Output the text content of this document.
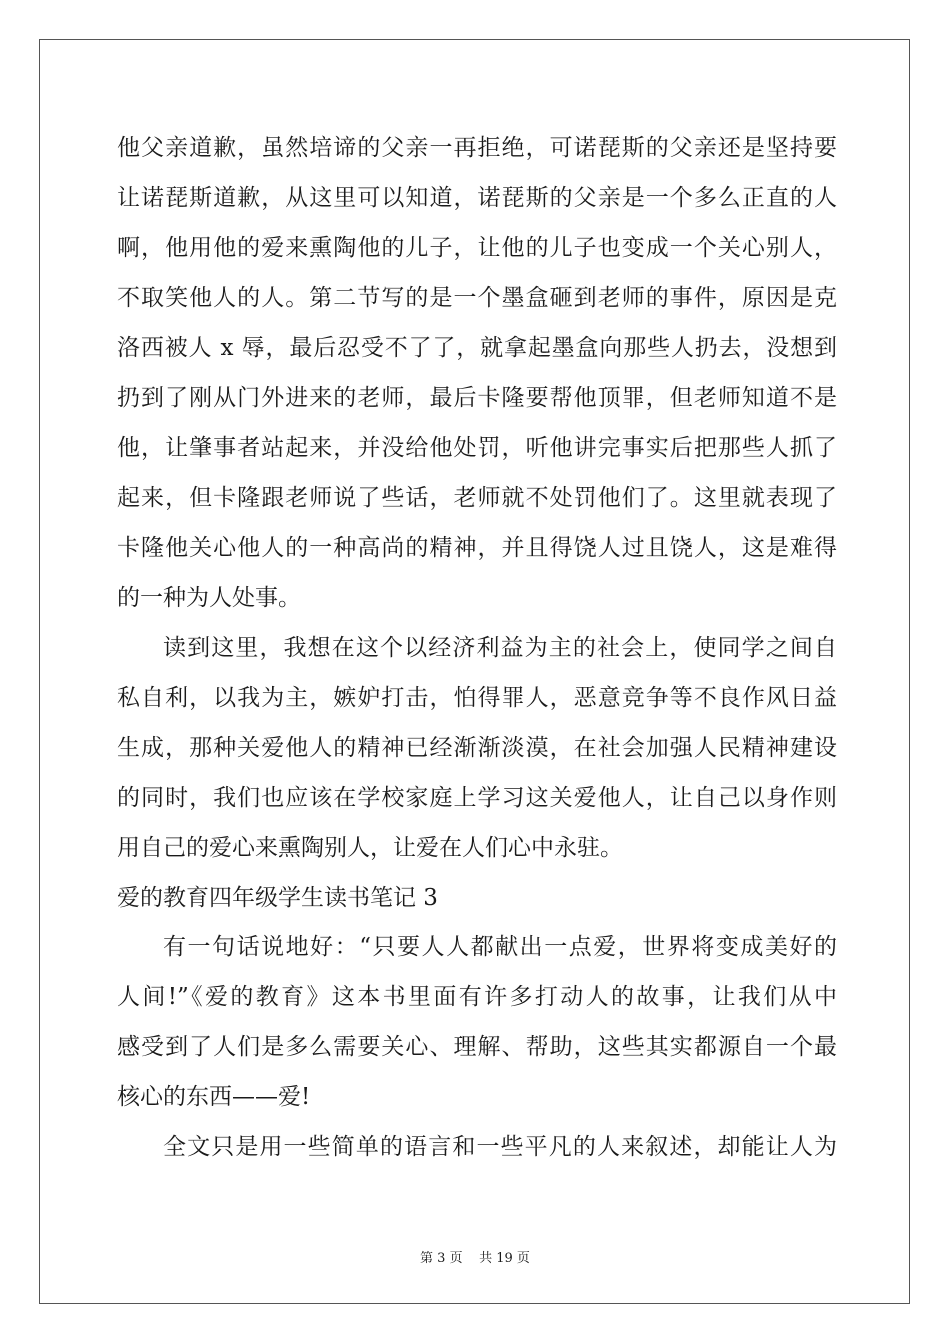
他父亲道歉，虽然培谛的父亲一再拒绝，可诺琵斯的父亲还是坚持要
让诺琵斯道歉，从这里可以知道，诺琵斯的父亲是一个多么正直的人
啊，他用他的爱来熏陶他的儿子，让他的儿子也变成一个关心别人，
不取笑他人的人。第二节写的是一个墨盒砸到老师的事件，原因是克
洛西被人 x 辱，最后忍受不了了，就拿起墨盒向那些人扔去，没想到
扔到了刚从门外进来的老师，最后卡隆要帮他顶罪，但老师知道不是
他，让肇事者站起来，并没给他处罚，听他讲完事实后把那些人抓了
起来，但卡隆跟老师说了些话，老师就不处罚他们了。这里就表现了
卡隆他关心他人的一种高尚的精神，并且得饶人过且饶人，这是难得
的一种为人处事。
读到这里，我想在这个以经济利益为主的社会上，使同学之间自
私自利，以我为主，嫉妒打击，怕得罪人，恶意竞争等不良作风日益
生成，那种关爱他人的精神已经渐渐淡漠，在社会加强人民精神建设
的同时，我们也应该在学校家庭上学习这关爱他人，让自己以身作则
用自己的爱心来熏陶别人，让爱在人们心中永驻。
爱的教育四年级学生读书笔记 3
有一句话说地好：“只要人人都献出一点爱，世界将变成美好的
人间!”《爱的教育》这本书里面有许多打动人的故事，让我们从中
感受到了人们是多么需要关心、理解、帮助，这些其实都源自一个最
核心的东西——爱!
全文只是用一些简单的语言和一些平凡的人来叙述，却能让人为
第 3 页 共 19 页
